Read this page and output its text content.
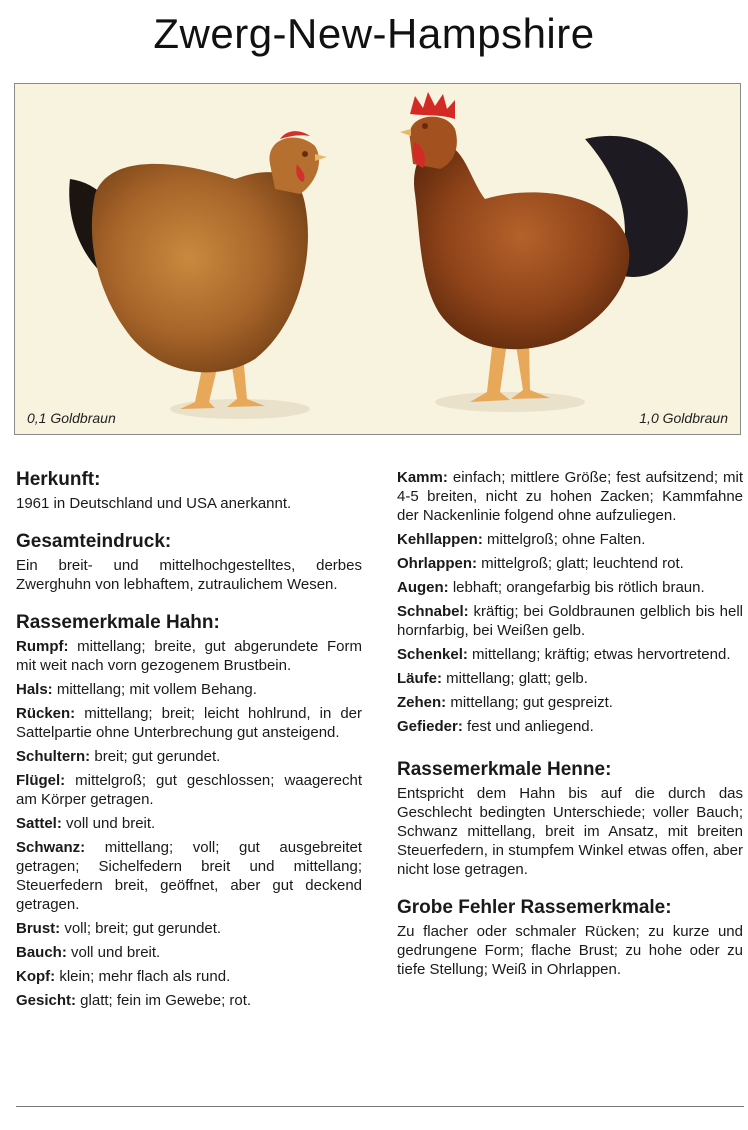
Zwerg-New-Hampshire
0,1 Goldbraun	1,0 Goldbraun
Herkunft:
1961 in Deutschland und USA anerkannt.
Gesamteindruck:
Ein breit- und mittelhochgestelltes, derbes Zwerghuhn von lebhaftem, zutraulichem Wesen.
Rassemerkmale Hahn:
Rumpf: mittellang; breite, gut abgerundete Form mit weit nach vorn gezogenem Brustbein.
Hals: mittellang; mit vollem Behang.
Rücken: mittellang; breit; leicht hohlrund, in der Sattelpartie ohne Unterbrechung gut ansteigend.
Schultern: breit; gut gerundet.
Flügel: mittelgroß; gut geschlossen; waagerecht am Körper getragen.
Sattel: voll und breit.
Schwanz: mittellang; voll; gut ausgebreitet getragen; Sichelfedern breit und mittellang; Steuerfedern breit, geöffnet, aber gut deckend getragen.
Brust: voll; breit; gut gerundet.
Bauch: voll und breit.
Kopf: klein; mehr flach als rund.
Gesicht: glatt; fein im Gewebe; rot.
Kamm: einfach; mittlere Größe; fest aufsitzend; mit 4-5 breiten, nicht zu hohen Zacken; Kammfahne der Nackenlinie folgend ohne aufzuliegen.
Kehllappen: mittelgroß; ohne Falten.
Ohrlappen: mittelgroß; glatt; leuchtend rot.
Augen: lebhaft; orangefarbig bis rötlich braun.
Schnabel: kräftig; bei Goldbraunen gelblich bis hell hornfarbig, bei Weißen gelb.
Schenkel: mittellang; kräftig; etwas hervortretend.
Läufe: mittellang; glatt; gelb.
Zehen: mittellang; gut gespreizt.
Gefieder: fest und anliegend.
Rassemerkmale Henne:
Entspricht dem Hahn bis auf die durch das Geschlecht bedingten Unterschiede; voller Bauch; Schwanz mittellang, breit im Ansatz, mit breiten Steuerfedern, in stumpfem Winkel etwas offen, aber nicht lose getragen.
Grobe Fehler Rassemerkmale:
Zu flacher oder schmaler Rücken; zu kurze und gedrungene Form; flache Brust; zu hohe oder zu tiefe Stellung; Weiß in Ohrlappen.
